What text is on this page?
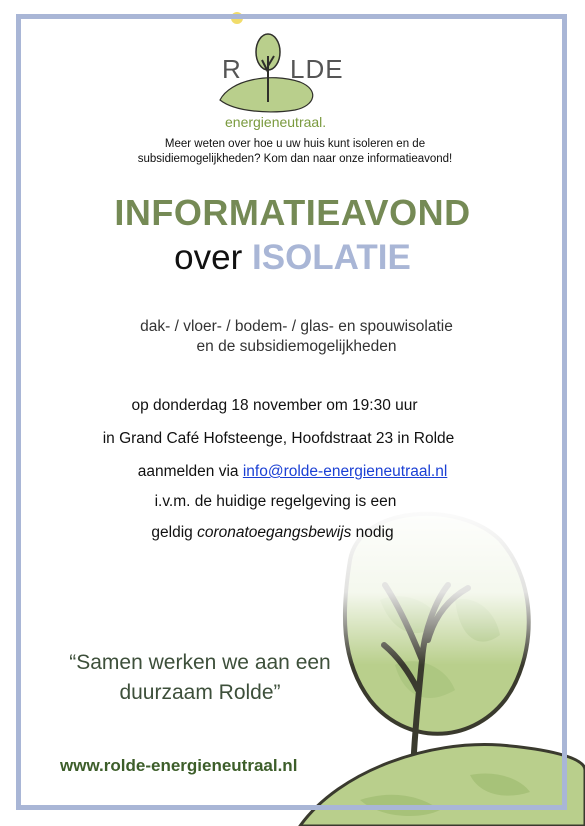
R LDE
energieneutraal.
Meer weten over hoe u uw huis kunt isoleren en de
subsidiemogelijkheden? Kom dan naar onze informatieavond!
INFORMATIEAVOND
over ISOLATIE
dak- / vloer- / bodem- / glas- en spouwisolatie
en de subsidiemogelijkheden
op donderdag 18 november om 19:30 uur
in Grand Café Hofsteenge, Hoofdstraat 23 in Rolde
aanmelden via info@rolde-energieneutraal.nl
i.v.m. de huidige regelgeving is een
geldig coronatoegangsbewijs nodig
“Samen werken we aan een
duurzaam Rolde”
www.rolde-energieneutraal.nl
